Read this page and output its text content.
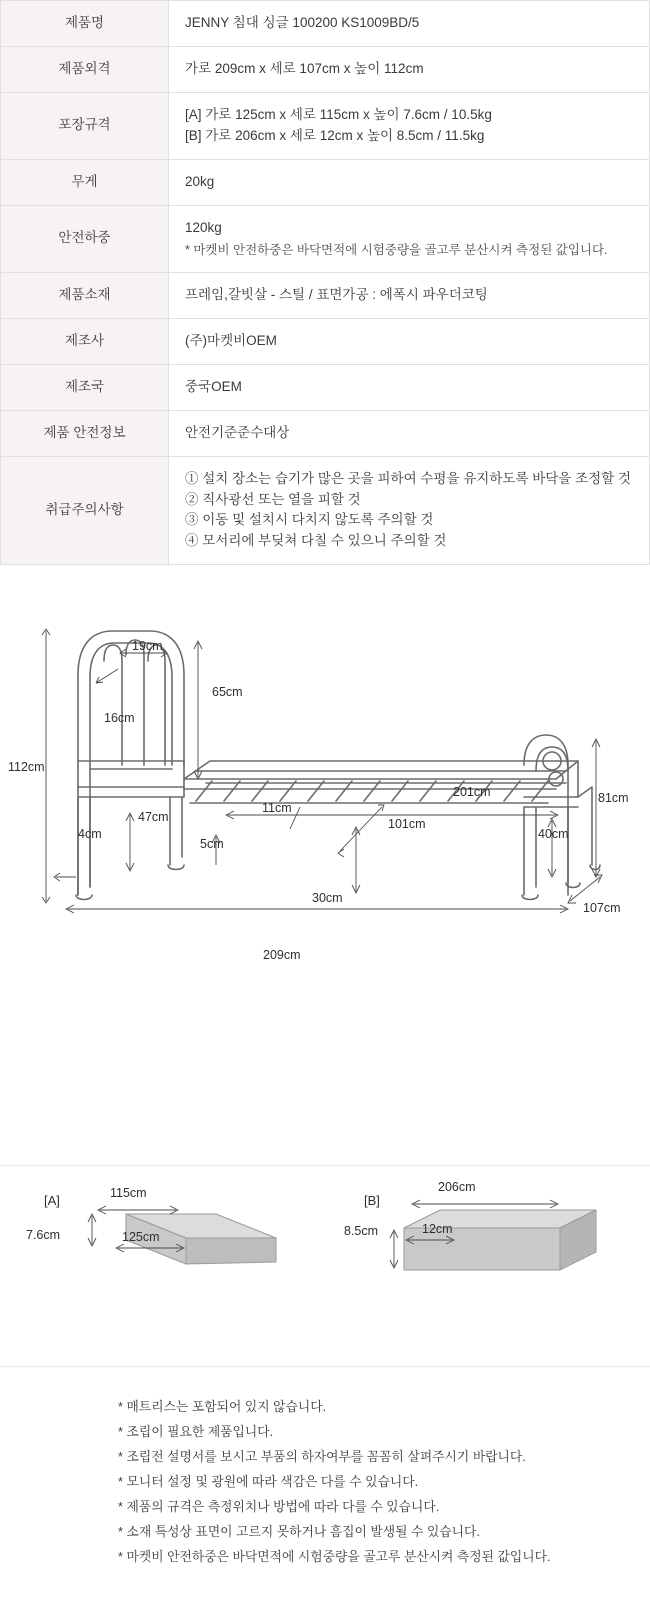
제품명	JENNY 침대 싱글 100200 KS1009BD/5

제품외격	가로 209cm x 세로 107cm x 높이 112cm

포장규격	[A] 가로 125cm x 세로 115cm x 높이 7.6cm / 10.5kg
[B] 가로 206cm x 세로 12cm x 높이 8.5cm / 11.5kg

무게	20kg

안전하중	120kg
* 마켓비 안전하중은 바닥면적에 시험중량을 골고루 분산시켜 측정된 값입니다.

제품소재	프레임,갈빗살 - 스틸 / 표면가공 : 에폭시 파우더코팅

제조사	(주)마켓비OEM

제조국	중국OEM

제품 안전정보	안전기준준수대상

취급주의사항	① 설치 장소는 습기가 많은 곳을 피하여 수평을 유지하도록 바닥을 조정할 것
② 직사광선 또는 열을 피할 것
③ 이동 및 설치시 다치지 않도록 주의할 것
④ 모서리에 부딪쳐 다칠 수 있으니 주의할 것
112cm
19cm
16cm
65cm
4cm
47cm
5cm
11cm
101cm
201cm
30cm
81cm
40cm
107cm
209cm
[A]	115cm
7.6cm	125cm
[B]
206cm
8.5cm	12cm
* 매트리스는 포함되어 있지 않습니다.
* 조립이 필요한 제품입니다.
* 조립전 설명서를 보시고 부품의 하자여부를 꼼꼼히 살펴주시기 바랍니다.
* 모니터 설정 및 광원에 따라 색감은 다를 수 있습니다.
* 제품의 규격은 측정위치나 방법에 따라 다를 수 있습니다.
* 소재 특성상 표면이 고르지 못하거나 흠집이 발생될 수 있습니다.
* 마켓비 안전하중은 바닥면적에 시험중량을 골고루 분산시켜 측정된 값입니다.
